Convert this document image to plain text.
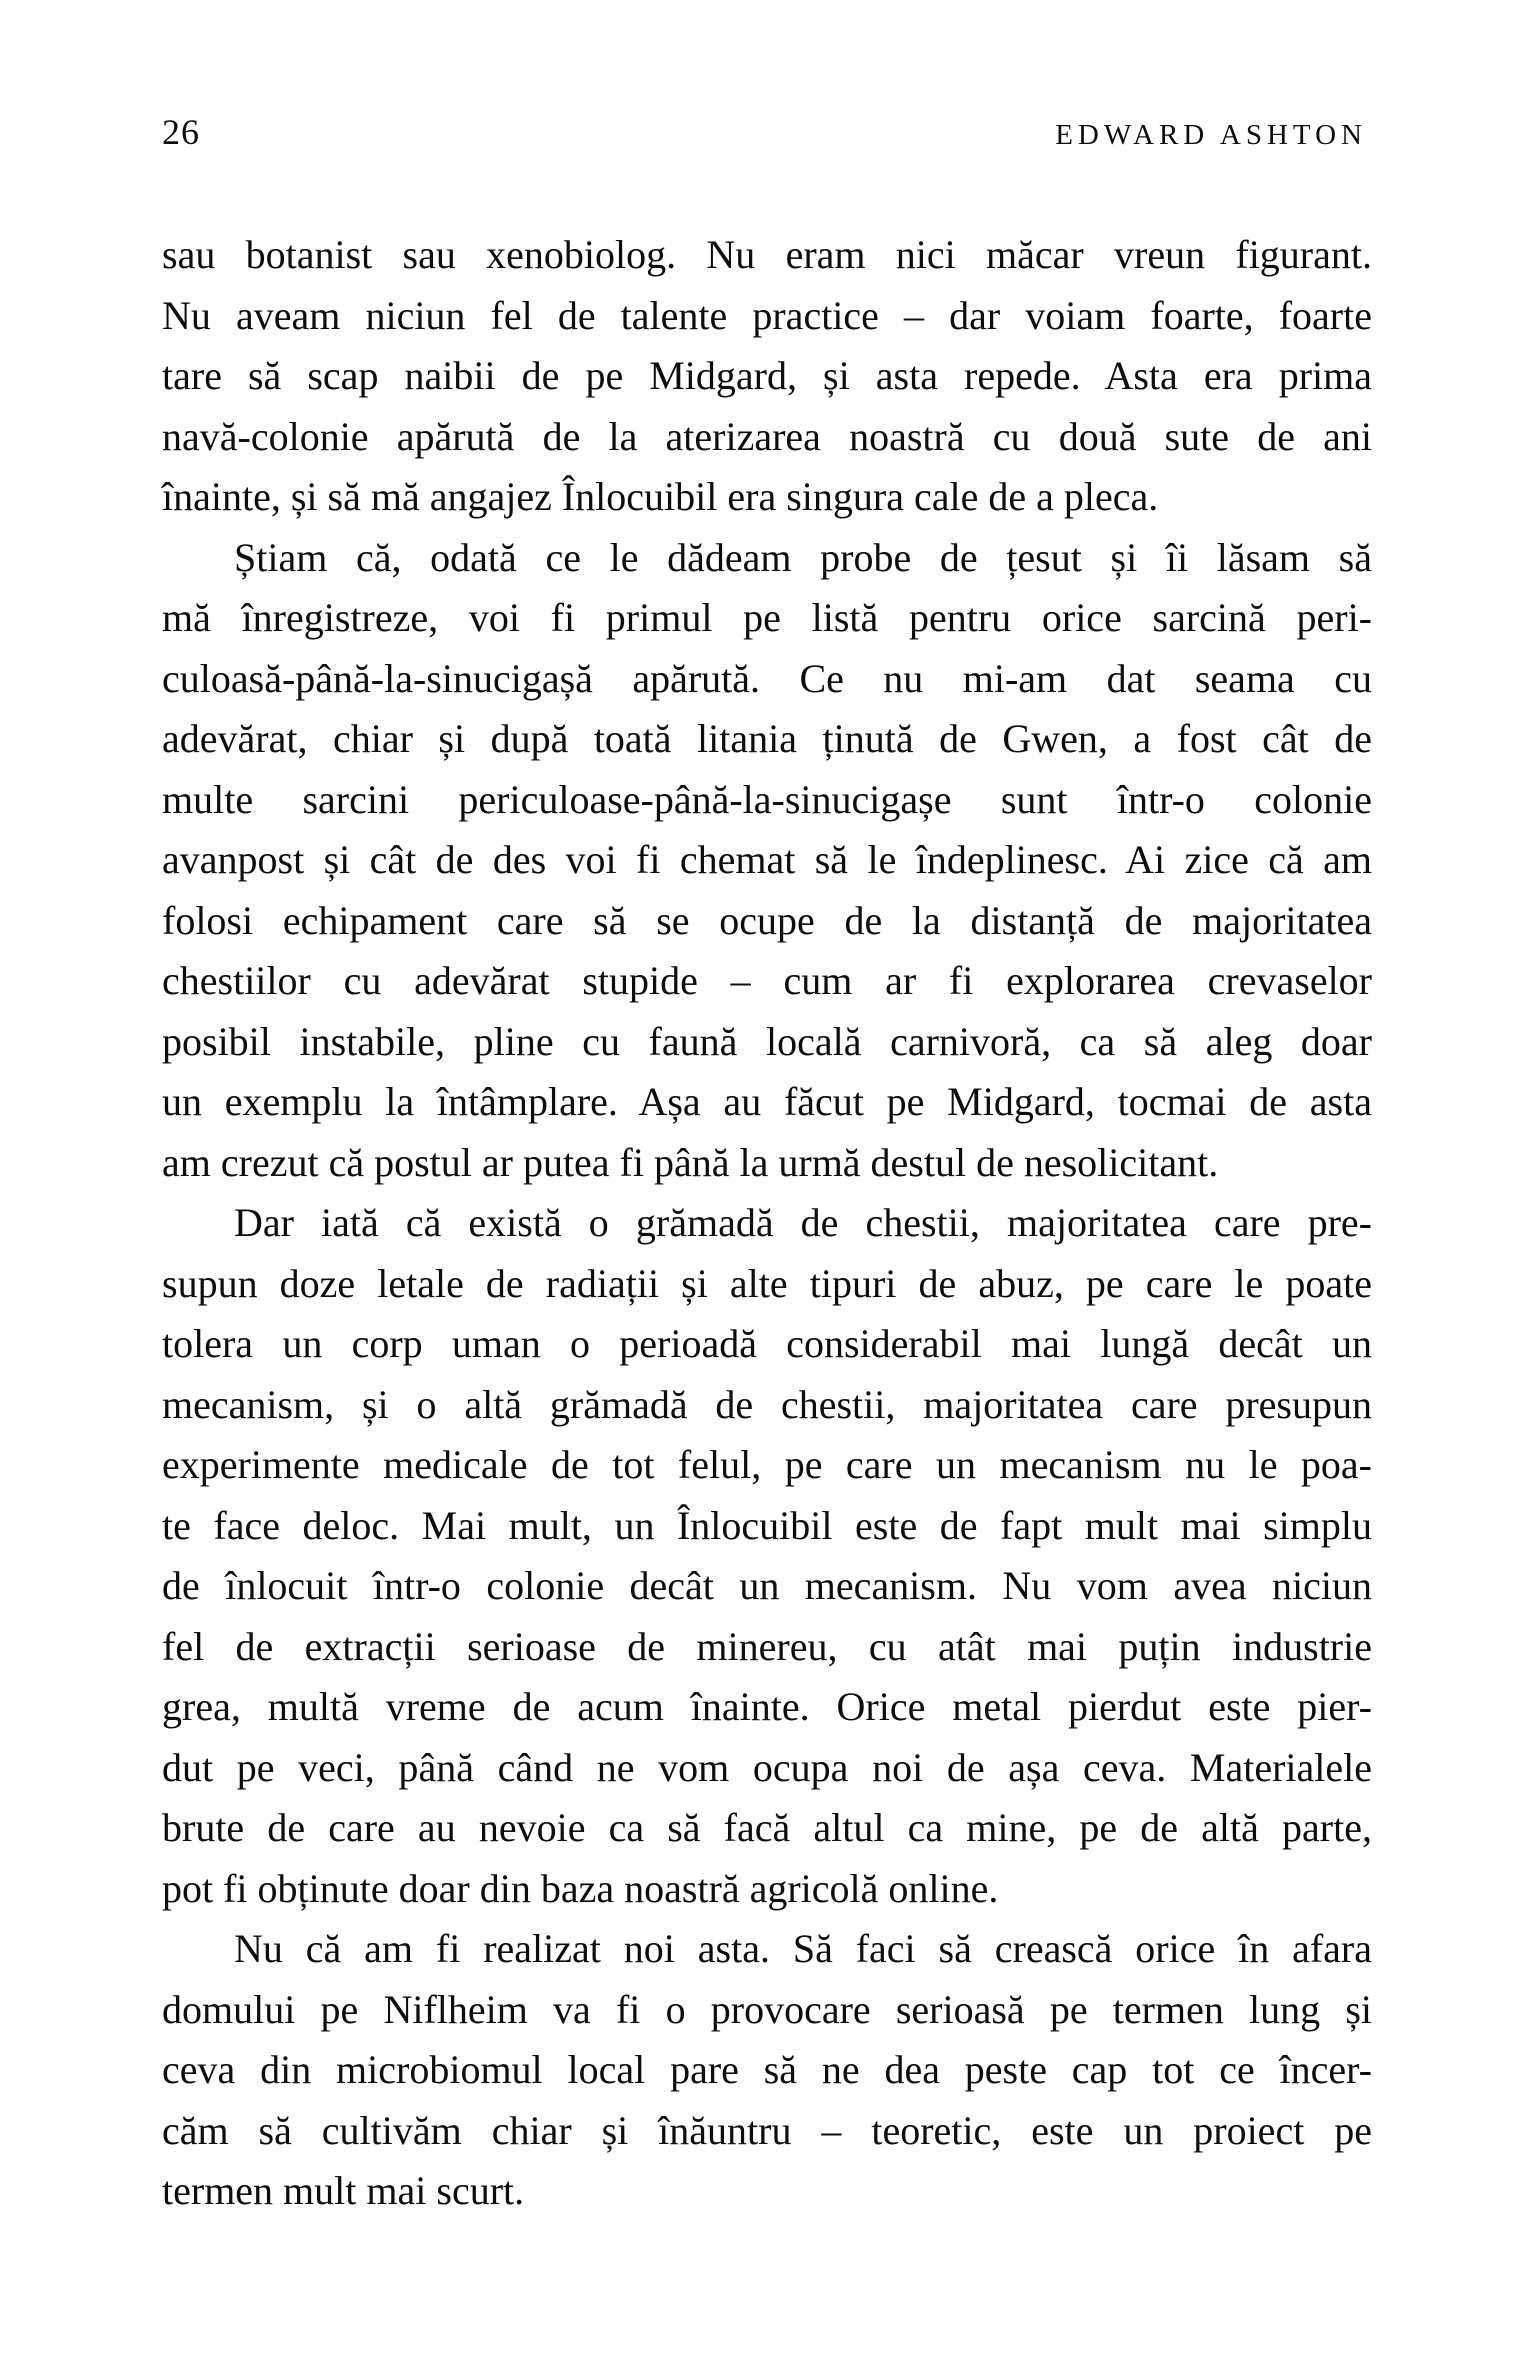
26	EDWARD ASHTON
sau botanist sau xenobiolog. Nu eram nici măcar vreun figurant.
Nu aveam niciun fel de talente practice – dar voiam foarte, foarte
tare să scap naibii de pe Midgard, și asta repede. Asta era prima
navă-colonie apărută de la aterizarea noastră cu două sute de ani
înainte, și să mă angajez Înlocuibil era singura cale de a pleca.
Știam că, odată ce le dădeam probe de țesut și îi lăsam să
mă înregistreze, voi fi primul pe listă pentru orice sarcină peri-
culoasă-până-la-sinucigașă apărută. Ce nu mi-am dat seama cu
adevărat, chiar și după toată litania ținută de Gwen, a fost cât de
multe sarcini periculoase-până-la-sinucigașe sunt într-o colonie
avanpost și cât de des voi fi chemat să le îndeplinesc. Ai zice că am
folosi echipament care să se ocupe de la distanță de majoritatea
chestiilor cu adevărat stupide – cum ar fi explorarea crevaselor
posibil instabile, pline cu faună locală carnivoră, ca să aleg doar
un exemplu la întâmplare. Așa au făcut pe Midgard, tocmai de asta
am crezut că postul ar putea fi până la urmă destul de nesolicitant.
Dar iată că există o grămadă de chestii, majoritatea care pre-
supun doze letale de radiații și alte tipuri de abuz, pe care le poate
tolera un corp uman o perioadă considerabil mai lungă decât un
mecanism, și o altă grămadă de chestii, majoritatea care presupun
experimente medicale de tot felul, pe care un mecanism nu le poa-
te face deloc. Mai mult, un Înlocuibil este de fapt mult mai simplu
de înlocuit într-o colonie decât un mecanism. Nu vom avea niciun
fel de extracții serioase de minereu, cu atât mai puțin industrie
grea, multă vreme de acum înainte. Orice metal pierdut este pier-
dut pe veci, până când ne vom ocupa noi de așa ceva. Materialele
brute de care au nevoie ca să facă altul ca mine, pe de altă parte,
pot fi obținute doar din baza noastră agricolă online.
Nu că am fi realizat noi asta. Să faci să crească orice în afara
domului pe Niflheim va fi o provocare serioasă pe termen lung și
ceva din microbiomul local pare să ne dea peste cap tot ce încer-
căm să cultivăm chiar și înăuntru – teoretic, este un proiect pe
termen mult mai scurt.
